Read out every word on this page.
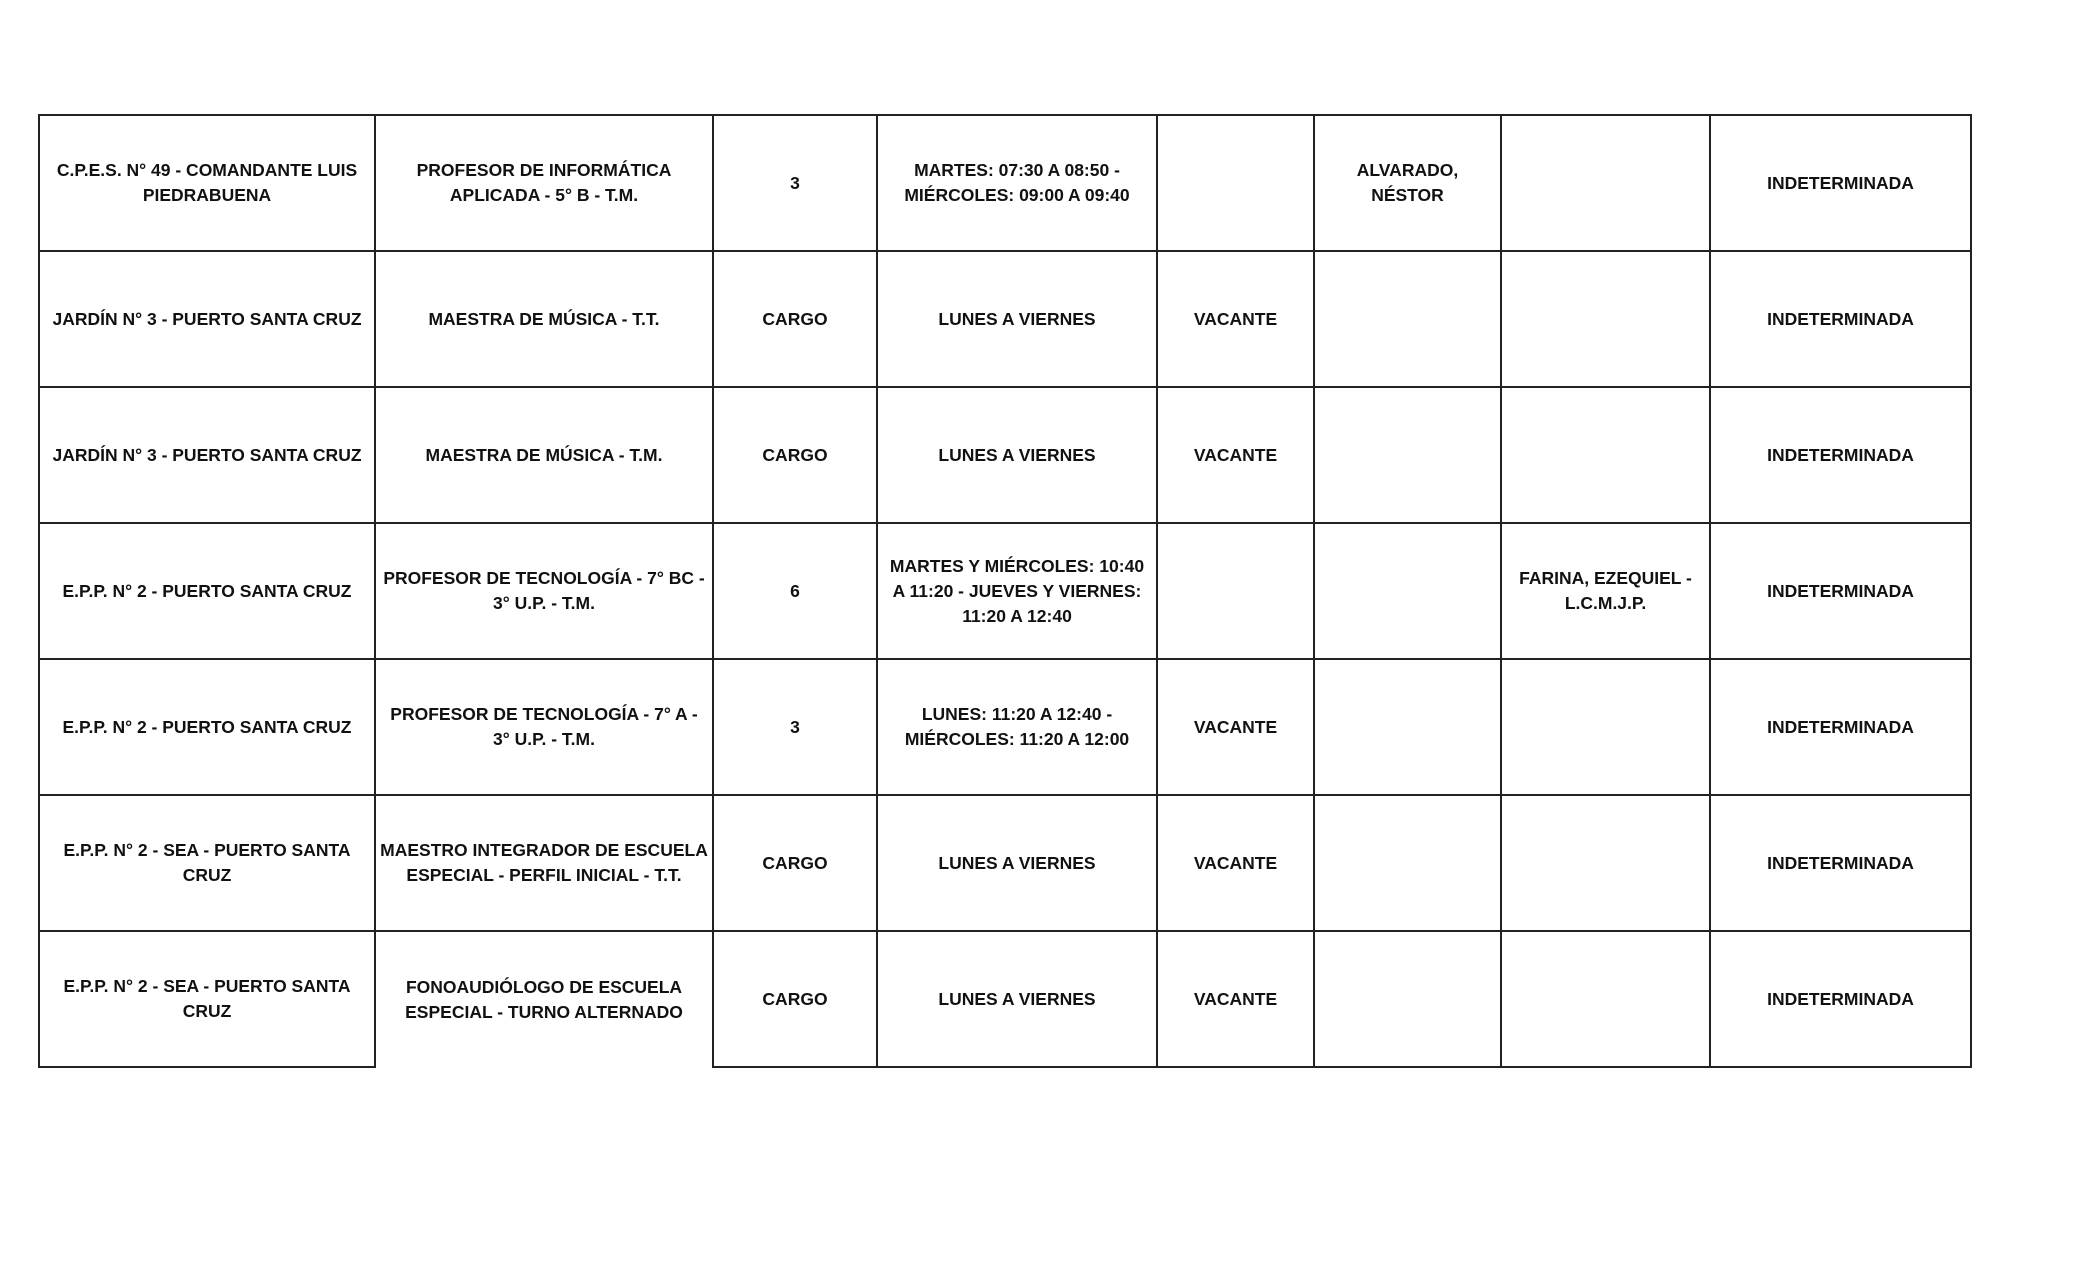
C.P.E.S. N° 49 - COMANDANTE LUIS PIEDRABUENA	PROFESOR DE INFORMÁTICA APLICADA - 5° B - T.M.	3	MARTES: 07:30 A 08:50 - MIÉRCOLES: 09:00 A 09:40		ALVARADO, NÉSTOR		INDETERMINADA
JARDÍN N° 3 - PUERTO SANTA CRUZ	MAESTRA DE MÚSICA - T.T.	CARGO	LUNES A VIERNES	VACANTE			INDETERMINADA
JARDÍN N° 3 - PUERTO SANTA CRUZ	MAESTRA DE MÚSICA - T.M.	CARGO	LUNES A VIERNES	VACANTE			INDETERMINADA
E.P.P. N° 2 - PUERTO SANTA CRUZ	PROFESOR DE TECNOLOGÍA - 7° BC - 3° U.P. - T.M.	6	MARTES Y MIÉRCOLES: 10:40 A 11:20 - JUEVES Y VIERNES: 11:20 A 12:40			FARINA, EZEQUIEL - L.C.M.J.P.	INDETERMINADA
E.P.P. N° 2 - PUERTO SANTA CRUZ	PROFESOR DE TECNOLOGÍA - 7° A - 3° U.P. - T.M.	3	LUNES: 11:20 A 12:40 - MIÉRCOLES: 11:20 A 12:00	VACANTE			INDETERMINADA
E.P.P. N° 2 - SEA - PUERTO SANTA CRUZ	MAESTRO INTEGRADOR DE ESCUELA ESPECIAL - PERFIL INICIAL - T.T.	CARGO	LUNES A VIERNES	VACANTE			INDETERMINADA
E.P.P. N° 2 - SEA - PUERTO SANTA CRUZ	FONOAUDIÓLOGO DE ESCUELA ESPECIAL - TURNO ALTERNADO	CARGO	LUNES A VIERNES	VACANTE			INDETERMINADA
